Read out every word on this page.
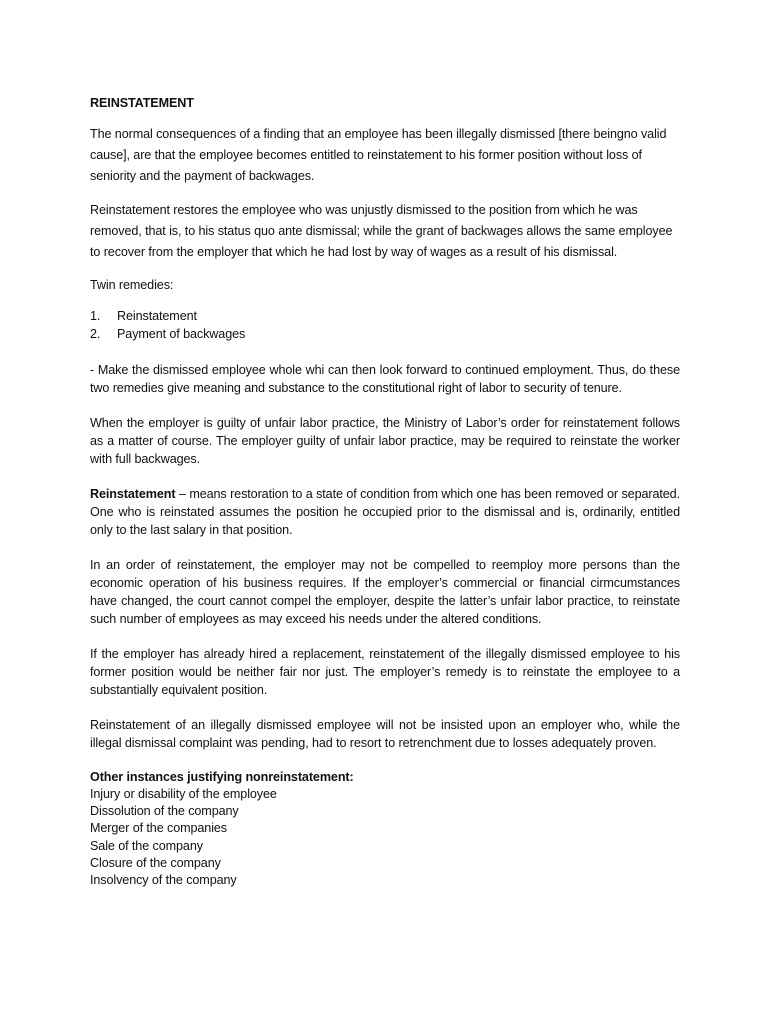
REINSTATEMENT

The normal consequences of a finding that an employee has been illegally dismissed [there beingno valid cause], are that the employee becomes entitled to reinstatement to his former position without loss of seniority and the payment of backwages.

Reinstatement restores the employee who was unjustly dismissed to the position from which he was removed, that is, to his status quo ante dismissal; while the grant of backwages allows the same employee to recover from the employer that which he had lost by way of wages as a result of his dismissal.

Twin remedies:
1. Reinstatement
2. Payment of backwages

- Make the dismissed employee whole whi can then look forward to continued employment. Thus, do these two remedies give meaning and substance to the constitutional right of labor to security of tenure.

When the employer is guilty of unfair labor practice, the Ministry of Labor’s order for reinstatement follows as a matter of course. The employer guilty of unfair labor practice, may be required to reinstate the worker with full backwages.

Reinstatement – means restoration to a state of condition from which one has been removed or separated. One who is reinstated assumes the position he occupied prior to the dismissal and is, ordinarily, entitled only to the last salary in that position.

In an order of reinstatement, the employer may not be compelled to reemploy more persons than the economic operation of his business requires. If the employer’s commercial or financial cirmcumstances have changed, the court cannot compel the employer, despite the latter’s unfair labor practice, to reinstate such number of employees as may exceed his needs under the altered conditions.

If the employer has already hired a replacement, reinstatement of the illegally dismissed employee to his former position would be neither fair nor just. The employer’s remedy is to reinstate the employee to a substantially equivalent position.

Reinstatement of an illegally dismissed employee will not be insisted upon an employer who, while the illegal dismissal complaint was pending, had to resort to retrenchment due to losses adequately proven.

Other instances justifying nonreinstatement:
Injury or disability of the employee
Dissolution of the company
Merger of the companies
Sale of the company
Closure of the company
Insolvency of the company
